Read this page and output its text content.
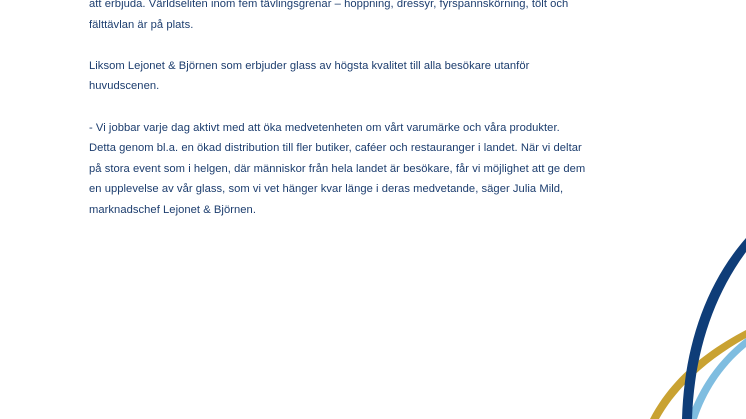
att erbjuda. Världseliten inom fem tävlingsgrenar – hoppning, dressyr, fyrspannskörning, tölt och
fälttävlan är på plats.

Liksom Lejonet & Björnen som erbjuder glass av högsta kvalitet till alla besökare utanför
huvudscenen.

- Vi jobbar varje dag aktivt med att öka medvetenheten om vårt varumärke och våra produkter.
Detta genom bl.a. en ökad distribution till fler butiker, caféer och restauranger i landet. När vi deltar
på stora event som i helgen, där människor från hela landet är besökare, får vi möjlighet att ge dem
en upplevelse av vår glass, som vi vet hänger kvar länge i deras medvetande, säger Julia Mild,
marknadschef Lejonet & Björnen.
